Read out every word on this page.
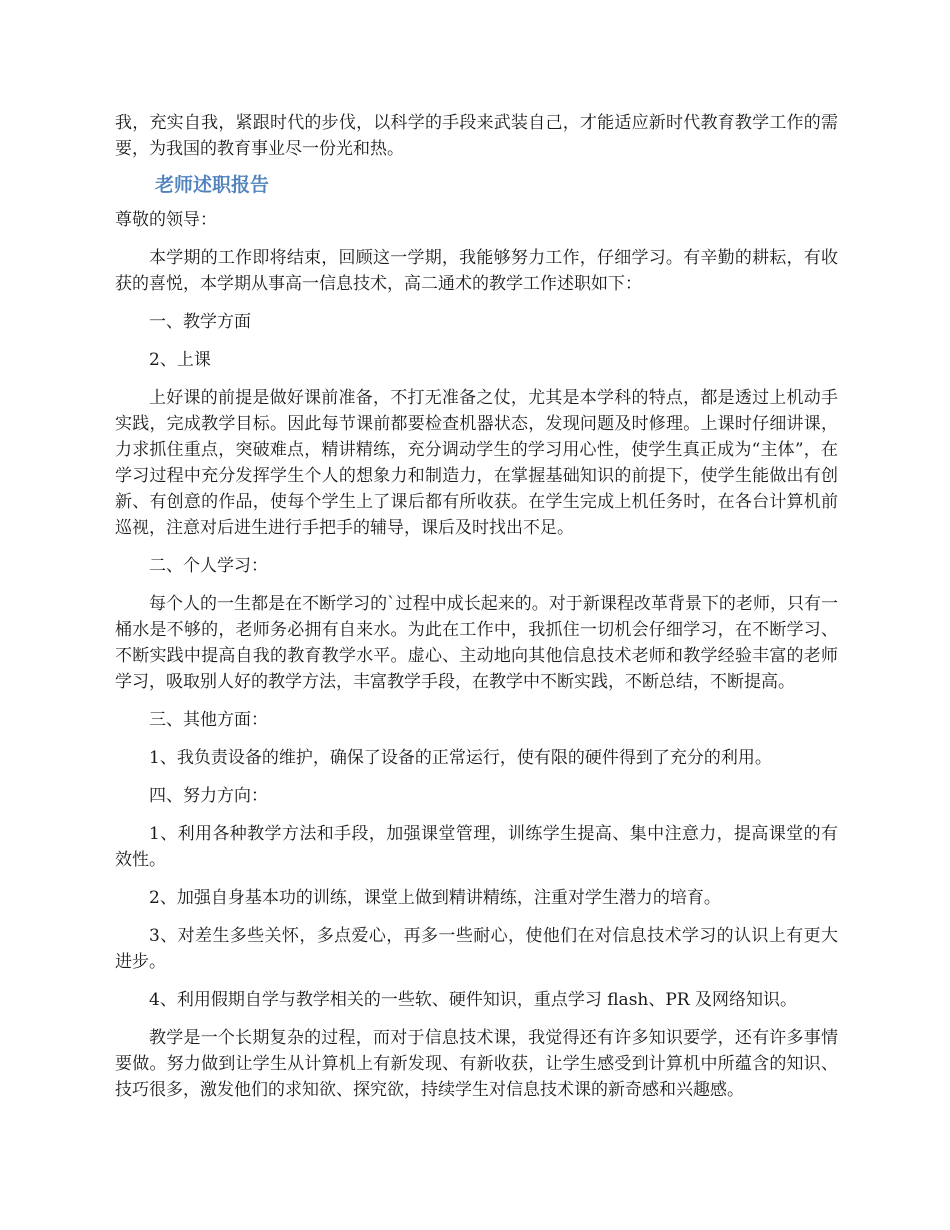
我，充实自我，紧跟时代的步伐，以科学的手段来武装自己，才能适应新时代教育教学工作的需要，为我国的教育事业尽一份光和热。

老师述职报告

尊敬的领导：

本学期的工作即将结束，回顾这一学期，我能够努力工作，仔细学习。有辛勤的耕耘，有收获的喜悦，本学期从事高一信息技术，高二通术的教学工作述职如下：

一、教学方面

2、上课

上好课的前提是做好课前准备，不打无准备之仗，尤其是本学科的特点，都是透过上机动手实践，完成教学目标。因此每节课前都要检查机器状态，发现问题及时修理。上课时仔细讲课，力求抓住重点，突破难点，精讲精练，充分调动学生的学习用心性，使学生真正成为“主体”，在学习过程中充分发挥学生个人的想象力和制造力，在掌握基础知识的前提下，使学生能做出有创新、有创意的作品，使每个学生上了课后都有所收获。在学生完成上机任务时，在各台计算机前巡视，注意对后进生进行手把手的辅导，课后及时找出不足。

二、个人学习：

每个人的一生都是在不断学习的`过程中成长起来的。对于新课程改革背景下的老师，只有一桶水是不够的，老师务必拥有自来水。为此在工作中，我抓住一切机会仔细学习，在不断学习、不断实践中提高自我的教育教学水平。虚心、主动地向其他信息技术老师和教学经验丰富的老师学习，吸取别人好的教学方法，丰富教学手段，在教学中不断实践，不断总结，不断提高。

三、其他方面：

1、我负责设备的维护，确保了设备的正常运行，使有限的硬件得到了充分的利用。

四、努力方向：

1、利用各种教学方法和手段，加强课堂管理，训练学生提高、集中注意力，提高课堂的有效性。

2、加强自身基本功的训练，课堂上做到精讲精练，注重对学生潜力的培育。

3、对差生多些关怀，多点爱心，再多一些耐心，使他们在对信息技术学习的认识上有更大进步。

4、利用假期自学与教学相关的一些软、硬件知识，重点学习 flash、PR 及网络知识。

教学是一个长期复杂的过程，而对于信息技术课，我觉得还有许多知识要学，还有许多事情要做。努力做到让学生从计算机上有新发现、有新收获，让学生感受到计算机中所蕴含的知识、技巧很多，激发他们的求知欲、探究欲，持续学生对信息技术课的新奇感和兴趣感。
